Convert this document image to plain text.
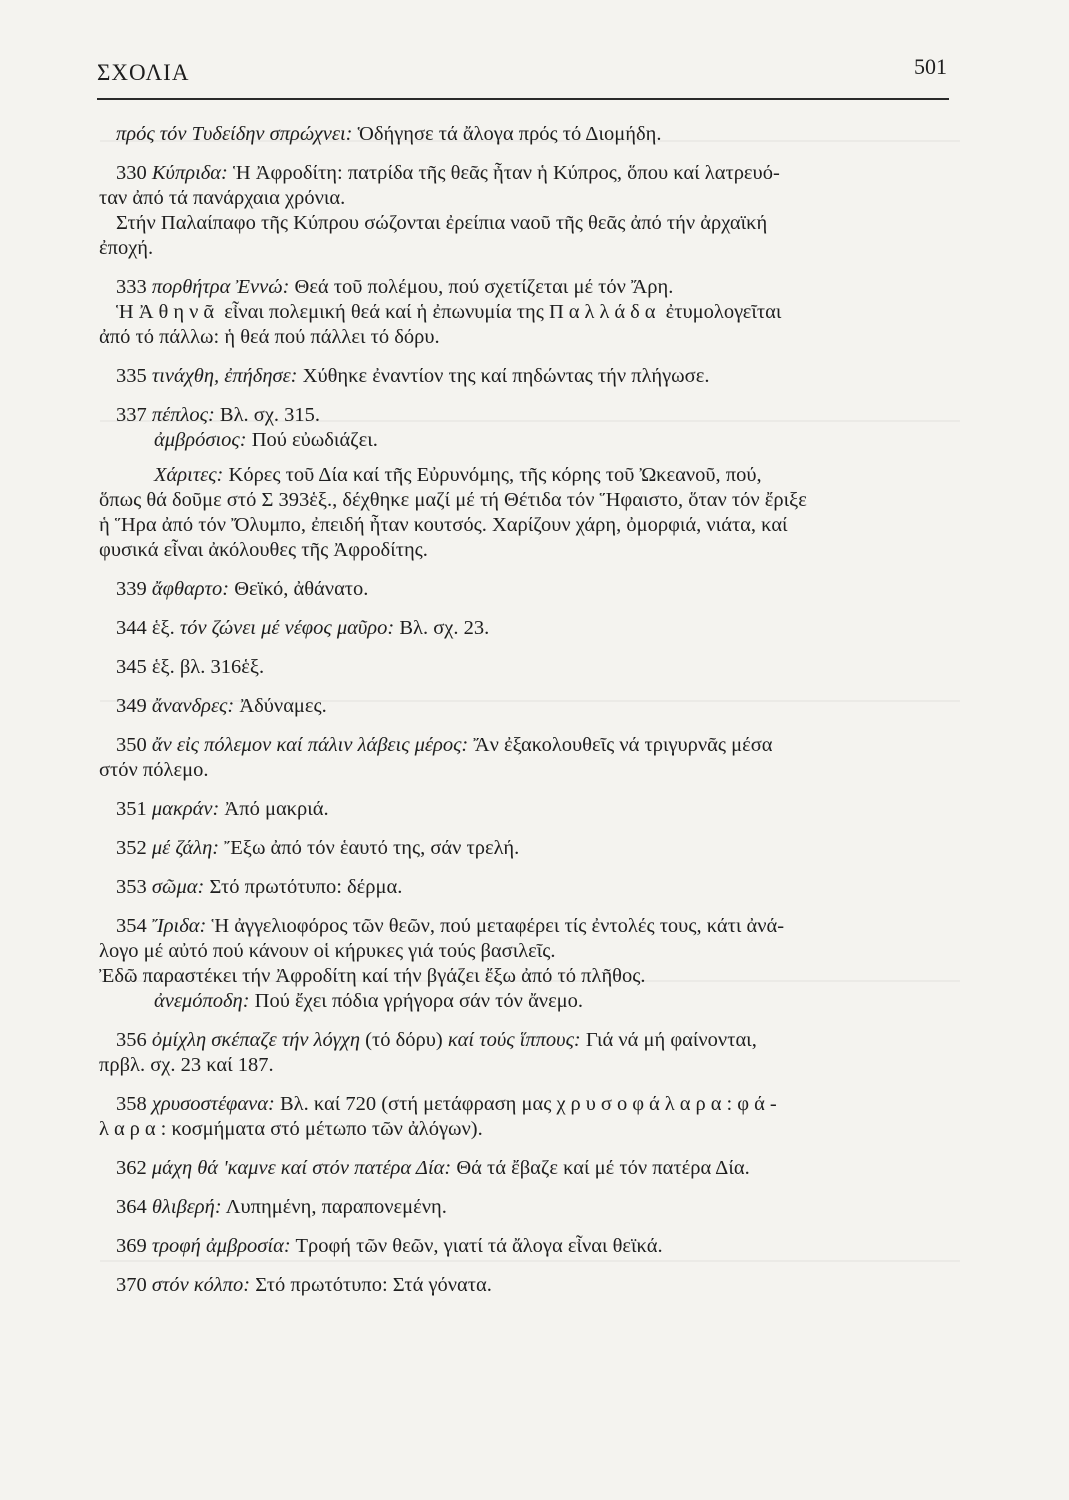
ΣΧΟΛΙΑ	501

πρός τόν Τυδείδην σπρώχνει: Ὁδήγησε τά ἄλογα πρός τό Διομήδη.

330 Κύπριδα: Ἡ Ἀφροδίτη: πατρίδα τῆς θεᾶς ἦταν ἡ Κύπρος, ὅπου καί λατρευό-

ταν ἀπό τά πανάρχαια χρόνια.

Στήν Παλαίπαφο τῆς Κύπρου σώζονται ἐρείπια ναοῦ τῆς θεᾶς ἀπό τήν ἀρχαϊκή

ἐποχή.

333 πορθήτρα Ἐννώ: Θεά τοῦ πολέμου, πού σχετίζεται μέ τόν Ἄρη.

Ἡ Ἀθηνᾶ εἶναι πολεμική θεά καί ἡ ἐπωνυμία της Παλλάδα ἐτυμολογεῖται

ἀπό τό πάλλω: ἡ θεά πού πάλλει τό δόρυ.

335 τινάχθη, ἐπήδησε: Χύθηκε ἐναντίον της καί πηδώντας τήν πλήγωσε.

337 πέπλος: Βλ. σχ. 315.

ἀμβρόσιος: Πού εὐωδιάζει.

Χάριτες: Κόρες τοῦ Δία καί τῆς Εὐρυνόμης, τῆς κόρης τοῦ Ὠκεανοῦ, πού,

ὅπως θά δοῦμε στό Σ 393ἑξ., δέχθηκε μαζί μέ τή Θέτιδα τόν Ἥφαιστο, ὅταν τόν ἔριξε

ἡ Ἥρα ἀπό τόν Ὄλυμπο, ἐπειδή ἦταν κουτσός. Χαρίζουν χάρη, ὀμορφιά, νιάτα, καί

φυσικά εἶναι ἀκόλουθες τῆς Ἀφροδίτης.

339 ἄφθαρτο: Θεϊκό, ἀθάνατο.

344 ἑξ. τόν ζώνει μέ νέφος μαῦρο: Βλ. σχ. 23.

345 ἑξ. βλ. 316ἑξ.

349 ἄνανδρες: Ἀδύναμες.

350 ἄν εἰς πόλεμον καί πάλιν λάβεις μέρος: Ἄν ἐξακολουθεῖς νά τριγυρνᾶς μέσα

στόν πόλεμο.

351 μακράν: Ἀπό μακριά.

352 μέ ζάλη: Ἔξω ἀπό τόν ἑαυτό της, σάν τρελή.

353 σῶμα: Στό πρωτότυπο: δέρμα.

354 Ἴριδα: Ἡ ἀγγελιοφόρος τῶν θεῶν, πού μεταφέρει τίς ἐντολές τους, κάτι ἀνά-

λογο μέ αὐτό πού κάνουν οἱ κήρυκες γιά τούς βασιλεῖς.

Ἐδῶ παραστέκει τήν Ἀφροδίτη καί τήν βγάζει ἔξω ἀπό τό πλῆθος.

ἀνεμόποδη: Πού ἔχει πόδια γρήγορα σάν τόν ἄνεμο.

356 ὀμίχλη σκέπαζε τήν λόγχη (τό δόρυ) καί τούς ἵππους: Γιά νά μή φαίνονται,

πρβλ. σχ. 23 καί 187.

358 χρυσοστέφανα: Βλ. καί 720 (στή μετάφραση μας χρυσοφάλαρα: φά-

λαρα: κοσμήματα στό μέτωπο τῶν ἀλόγων).

362 μάχη θά 'καμνε καί στόν πατέρα Δία: Θά τά ἔβαζε καί μέ τόν πατέρα Δία.

364 θλιβερή: Λυπημένη, παραπονεμένη.

369 τροφή ἀμβροσία: Τροφή τῶν θεῶν, γιατί τά ἄλογα εἶναι θεϊκά.

370 στόν κόλπο: Στό πρωτότυπο: Στά γόνατα.
